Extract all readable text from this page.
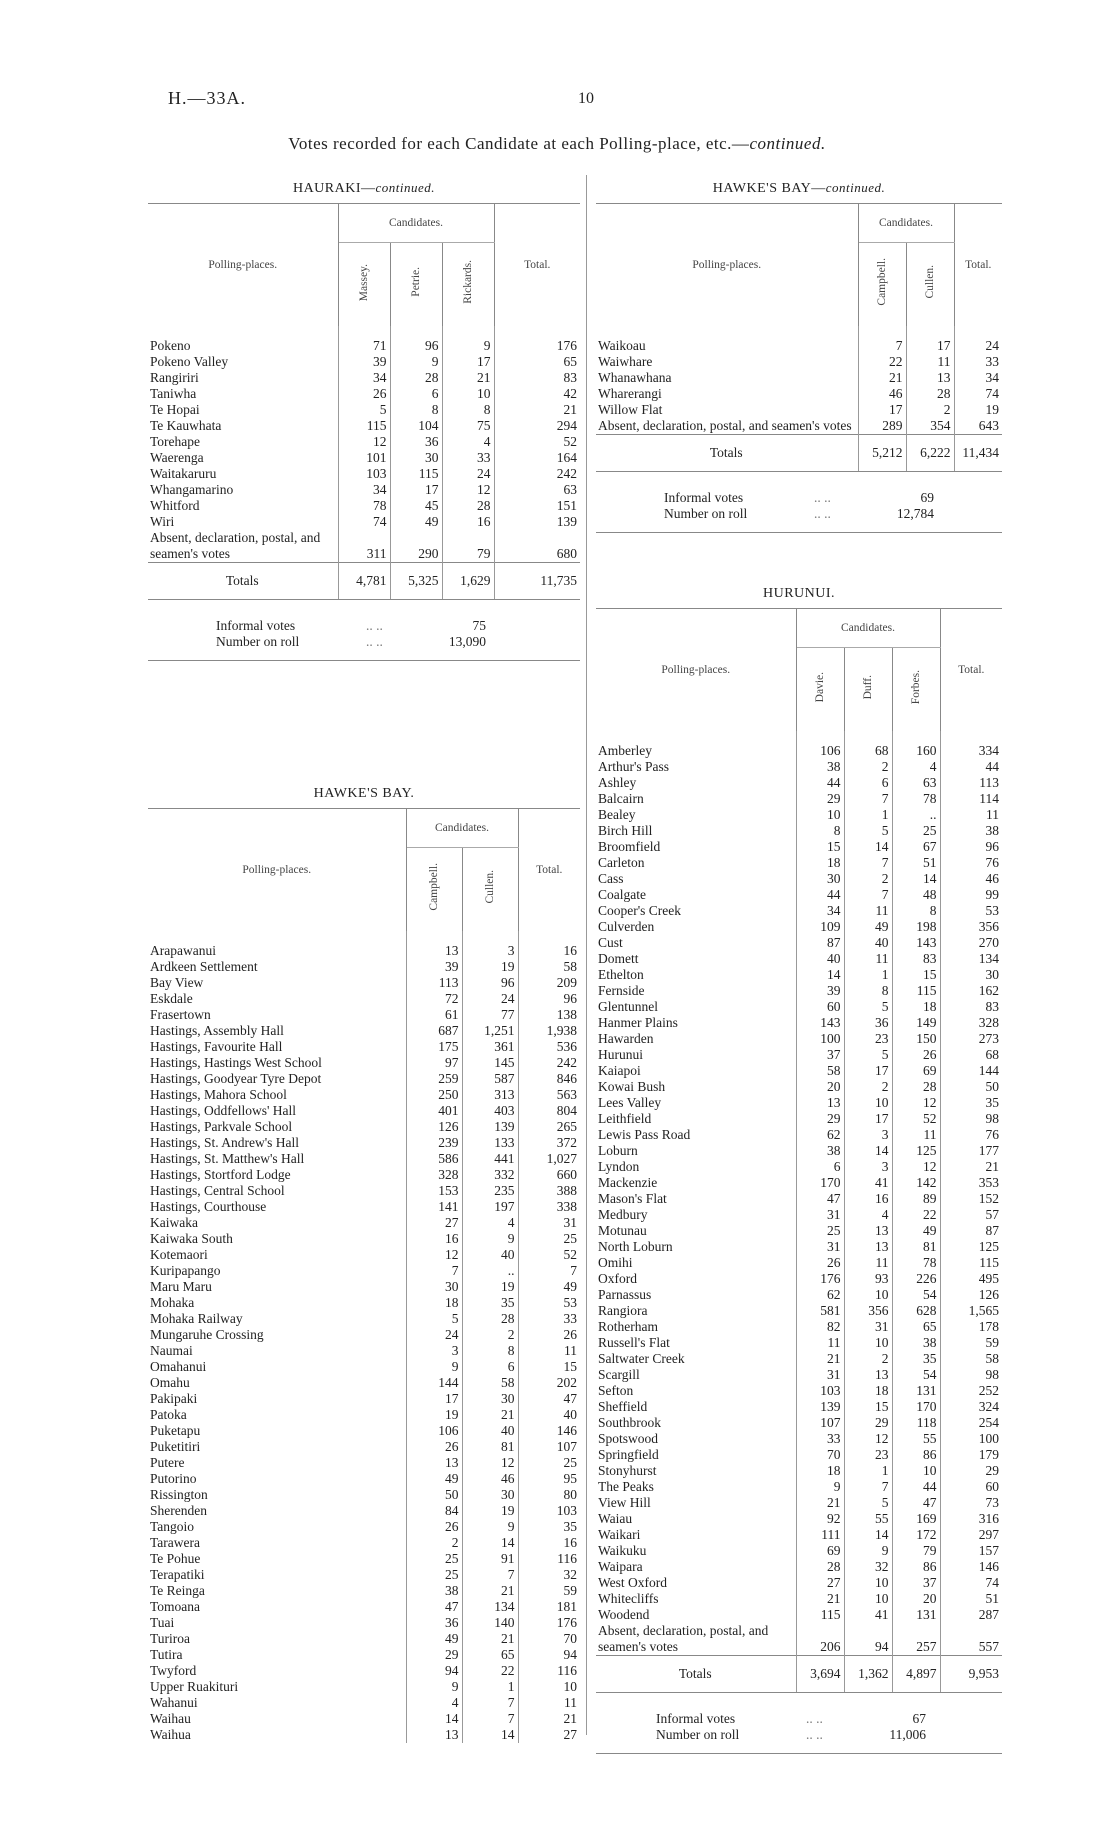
H.—33A.	10
Votes recorded for each Candidate at each Polling-place, etc.—continued.
HAURAKI—continued.
Polling-places.	Candidates.			Total.
	Massey.	Petrie.	Rickards.	
Pokeno	71	96	9	176
Pokeno Valley	39	9	17	65
Rangiriri	34	28	21	83
Taniwha	26	6	10	42
Te Hopai	5	8	8	21
Te Kauwhata	115	104	75	294
Torehape	12	36	4	52
Waerenga	101	30	33	164
Waitakaruru	103	115	24	242
Whangamarino	34	17	12	63
Whitford	78	45	28	151
Wiri	74	49	16	139
Absent, declaration, postal, and seamen's votes	311	290	79	680
Totals	4,781	5,325	1,629	11,735
Informal votes	.. ..	75
Number on roll	.. ..	13,090
HAWKE'S BAY.
Polling-places.	Candidates.		Total.
	Campbell.	Cullen.	
Arapawanui	13	3	16
Ardkeen Settlement	39	19	58
Bay View	113	96	209
Eskdale	72	24	96
Frasertown	61	77	138
Hastings, Assembly Hall	687	1,251	1,938
Hastings, Favourite Hall	175	361	536
Hastings, Hastings West School	97	145	242
Hastings, Goodyear Tyre Depot	259	587	846
Hastings, Mahora School	250	313	563
Hastings, Oddfellows' Hall	401	403	804
Hastings, Parkvale School	126	139	265
Hastings, St. Andrew's Hall	239	133	372
Hastings, St. Matthew's Hall	586	441	1,027
Hastings, Stortford Lodge	328	332	660
Hastings, Central School	153	235	388
Hastings, Courthouse	141	197	338
Kaiwaka	27	4	31
Kaiwaka South	16	9	25
Kotemaori	12	40	52
Kuripapango	7	..	7
Maru Maru	30	19	49
Mohaka	18	35	53
Mohaka Railway	5	28	33
Mungaruhe Crossing	24	2	26
Naumai	3	8	11
Omahanui	9	6	15
Omahu	144	58	202
Pakipaki	17	30	47
Patoka	19	21	40
Puketapu	106	40	146
Puketitiri	26	81	107
Putere	13	12	25
Putorino	49	46	95
Rissington	50	30	80
Sherenden	84	19	103
Tangoio	26	9	35
Tarawera	2	14	16
Te Pohue	25	91	116
Terapatiki	25	7	32
Te Reinga	38	21	59
Tomoana	47	134	181
Tuai	36	140	176
Turiroa	49	21	70
Tutira	29	65	94
Twyford	94	22	116
Upper Ruakituri	9	1	10
Wahanui	4	7	11
Waihau	14	7	21
Waihua	13	14	27
HAWKE'S BAY—continued.
Polling-places.	Candidates.		Total.
	Campbell.	Cullen.	
Waikoau	7	17	24
Waiwhare	22	11	33
Whanawhana	21	13	34
Wharerangi	46	28	74
Willow Flat	17	2	19
Absent, declaration, postal, and seamen's votes	289	354	643
Totals	5,212	6,222	11,434
Informal votes	.. ..	69
Number on roll	.. ..	12,784
HURUNUI.
Polling-places.	Candidates.			Total.
	Davie.	Duff.	Forbes.	
Amberley	106	68	160	334
Arthur's Pass	38	2	4	44
Ashley	44	6	63	113
Balcairn	29	7	78	114
Bealey	10	1	..	11
Birch Hill	8	5	25	38
Broomfield	15	14	67	96
Carleton	18	7	51	76
Cass	30	2	14	46
Coalgate	44	7	48	99
Cooper's Creek	34	11	8	53
Culverden	109	49	198	356
Cust	87	40	143	270
Domett	40	11	83	134
Ethelton	14	1	15	30
Fernside	39	8	115	162
Glentunnel	60	5	18	83
Hanmer Plains	143	36	149	328
Hawarden	100	23	150	273
Hurunui	37	5	26	68
Kaiapoi	58	17	69	144
Kowai Bush	20	2	28	50
Lees Valley	13	10	12	35
Leithfield	29	17	52	98
Lewis Pass Road	62	3	11	76
Loburn	38	14	125	177
Lyndon	6	3	12	21
Mackenzie	170	41	142	353
Mason's Flat	47	16	89	152
Medbury	31	4	22	57
Motunau	25	13	49	87
North Loburn	31	13	81	125
Omihi	26	11	78	115
Oxford	176	93	226	495
Parnassus	62	10	54	126
Rangiora	581	356	628	1,565
Rotherham	82	31	65	178
Russell's Flat	11	10	38	59
Saltwater Creek	21	2	35	58
Scargill	31	13	54	98
Sefton	103	18	131	252
Sheffield	139	15	170	324
Southbrook	107	29	118	254
Spotswood	33	12	55	100
Springfield	70	23	86	179
Stonyhurst	18	1	10	29
The Peaks	9	7	44	60
View Hill	21	5	47	73
Waiau	92	55	169	316
Waikari	111	14	172	297
Waikuku	69	9	79	157
Waipara	28	32	86	146
West Oxford	27	10	37	74
Whitecliffs	21	10	20	51
Woodend	115	41	131	287
Absent, declaration, postal, and seamen's votes	206	94	257	557
Totals	3,694	1,362	4,897	9,953
Informal votes	.. ..	67
Number on roll	.. ..	11,006
